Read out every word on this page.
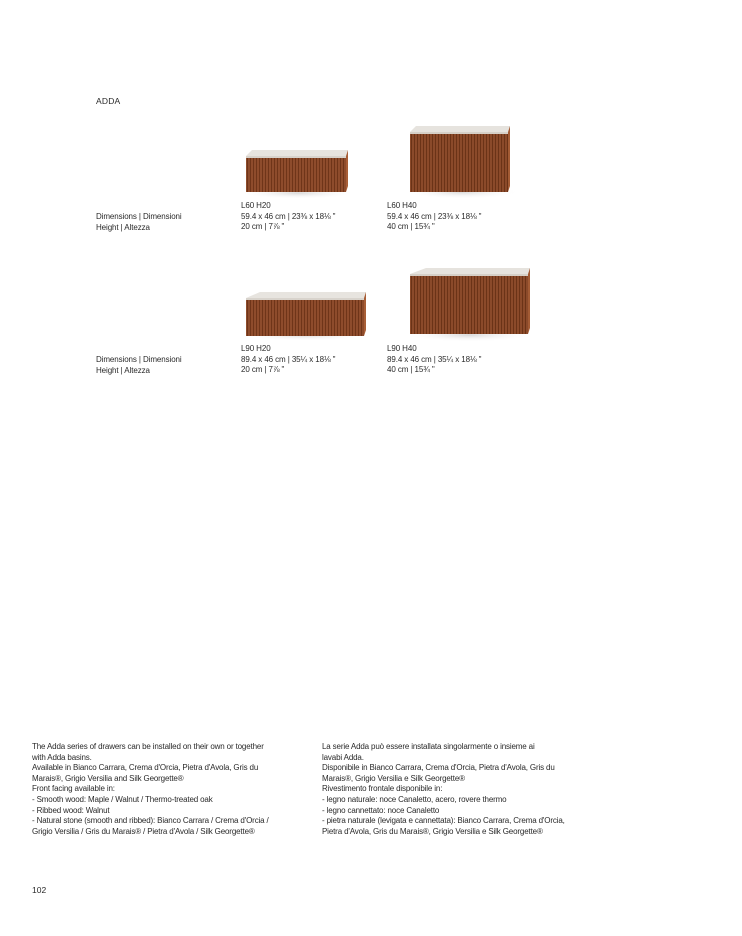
ADDA
Dimensions | Dimensioni
Height | Altezza
L60 H20
59.4 x 46 cm | 23⅜ x 18⅛ "
20 cm | 7⅞ "
L60 H40
59.4 x 46 cm | 23⅜ x 18⅛ "
40 cm | 15¾ "
Dimensions | Dimensioni
Height | Altezza
L90 H20
89.4 x 46 cm | 35¼ x 18⅛ "
20 cm | 7⅞ "
L90 H40
89.4 x 46 cm | 35¼ x 18⅛ "
40 cm | 15¾ "
The Adda series of drawers can be installed on their own or together
with Adda basins.
Available in Bianco Carrara, Crema d'Orcia, Pietra d'Avola, Gris du
Marais®, Grigio Versilia and Silk Georgette®
Front facing available in:
- Smooth wood: Maple / Walnut / Thermo-treated oak
- Ribbed wood: Walnut
- Natural stone (smooth and ribbed): Bianco Carrara / Crema d'Orcia /
Grigio Versilia / Gris du Marais® / Pietra d'Avola / Silk Georgette®
La serie Adda può essere installata singolarmente o insieme ai
lavabi Adda.
Disponibile in Bianco Carrara, Crema d'Orcia, Pietra d'Avola, Gris du
Marais®, Grigio Versilia e Silk Georgette®
Rivestimento frontale disponibile in:
- legno naturale: noce Canaletto, acero, rovere thermo
- legno cannettato: noce Canaletto
- pietra naturale (levigata e cannettata): Bianco Carrara, Crema d'Orcia,
Pietra d'Avola, Gris du Marais®, Grigio Versilia e Silk Georgette®
102
